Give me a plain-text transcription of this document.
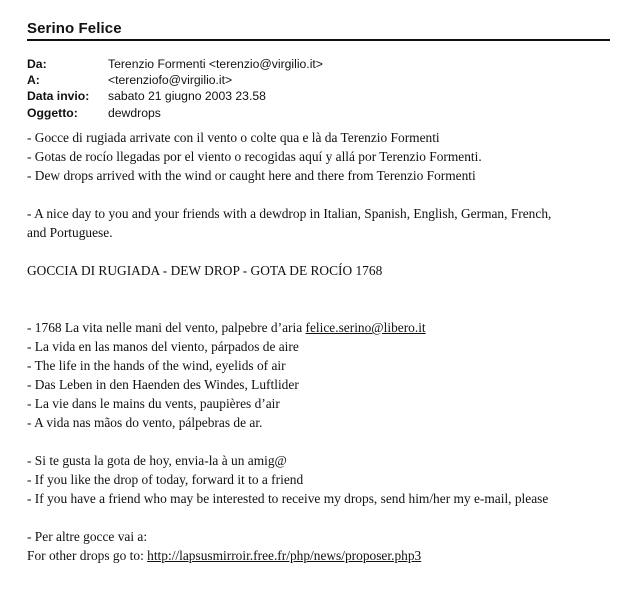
Serino Felice
Da:	Terenzio Formenti <terenzio@virgilio.it>
A:	<terenziofo@virgilio.it>
Data invio:	sabato 21 giugno 2003 23.58
Oggetto:	dewdrops
- Gocce di rugiada arrivate con il vento o colte qua e là da Terenzio Formenti
- Gotas de rocío llegadas por el viento o recogidas aquí y allá por Terenzio Formenti.
- Dew drops arrived with the wind or caught here and there from Terenzio Formenti
- A nice day to you and your friends with a dewdrop in Italian, Spanish, English, German, French,
and Portuguese.
GOCCIA DI RUGIADA - DEW DROP - GOTA DE ROCÍO 1768
- 1768 La vita nelle mani del vento, palpebre d’aria felice.serino@libero.it
- La vida en las manos del viento, párpados de aire
- The life in the hands of the wind, eyelids of air
- Das Leben in den Haenden des Windes, Luftlider
- La vie dans le mains du vents, paupières d’air
- A vida nas mãos do vento, pálpebras de ar.
- Si te gusta la gota de hoy, envia-la à un amig@
- If you like the drop of today, forward it to a friend
- If you have a friend who may be interested to receive my drops, send him/her my e-mail, please
- Per altre gocce vai a:
For other drops go to: http://lapsusmirroir.free.fr/php/news/proposer.php3
